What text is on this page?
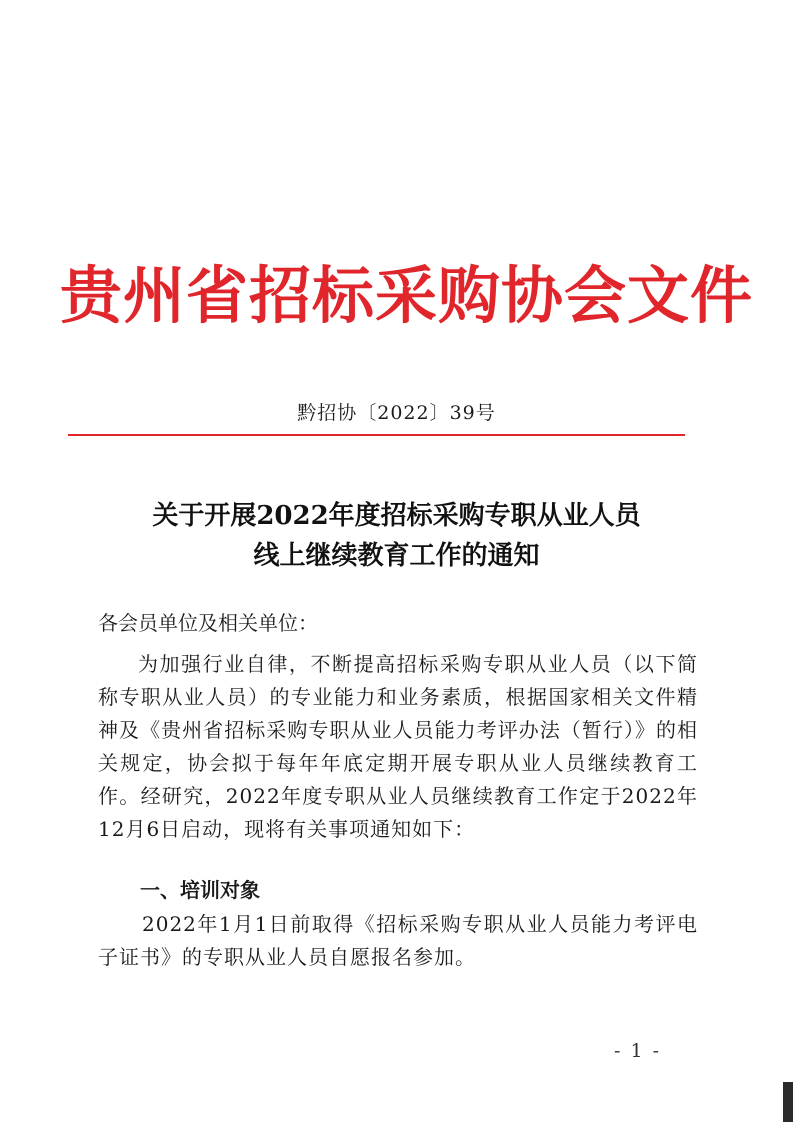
贵州省招标采购协会文件
黔招协〔2022〕39号
关于开展2022年度招标采购专职从业人员
线上继续教育工作的通知
各会员单位及相关单位：
为加强行业自律，不断提高招标采购专职从业人员（以下简称专职从业人员）的专业能力和业务素质，根据国家相关文件精神及《贵州省招标采购专职从业人员能力考评办法（暂行）》的相关规定，协会拟于每年年底定期开展专职从业人员继续教育工作。经研究，2022年度专职从业人员继续教育工作定于2022年12月6日启动，现将有关事项通知如下：
一、培训对象
2022年1月1日前取得《招标采购专职从业人员能力考评电子证书》的专职从业人员自愿报名参加。
- 1 -
